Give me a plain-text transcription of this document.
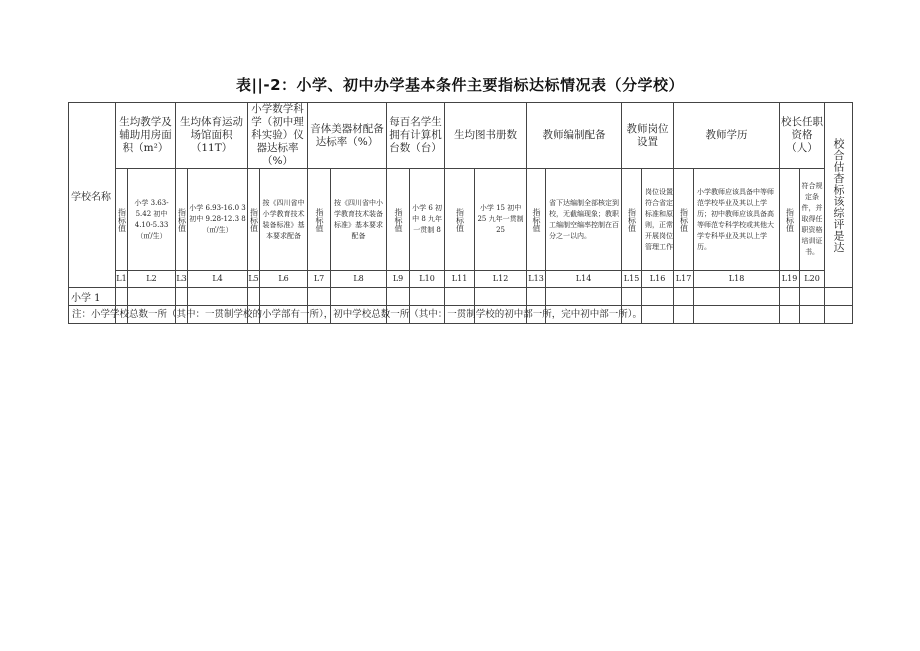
表||-2：小学、初中办学基本条件主要指标达标情况表（分学校）
学校名称	生均教学及辅助用房面积（m²）		生均体育运动场馆面积（11T）		小学数学科学（初中理科实验）仪器达标率（%）		音体美器材配备达标率（%）		每百名学生拥有计算机台数（台）		生均图书册数		教师编制配备		教师岗位设置		教师学历		校长任职资格（人）		校合估杳标该综评是达

	指标值	小学 3.63-5.42 初中 4.10-5.33 （㎡/生）	指标值	小学 6.93-16.0 3 初中 9.28-12.3 8（㎡/生）	指标值	按《四川省中小学教育技术装备标准》基本要求配备	指标值	按《四川省中小学教育技术装备标准》基本要求配备	指标值	小学 6 初中 8 九年一贯制 8	指标值	小学 15 初中 25 九年一贯制 25	指标值	省下达编制全部核定到校，无截编现象；教职工编制空编率控制在百分之一以内。	指标值	岗位设置符合省定标准和原则，正常开展岗位管理工作	指标值	小学教师应该具备中等师范学校毕业及其以上学历；初中教师应该具备高等师范专科学校或其他大学专科毕业及其以上学历。	指标值	符合规定条件，并取得任职资格培训证书。	
	L1	L2	L3	L4	L5	L6	L7	L8	L9	L10	L11	L12	L13	L14	L15	L16	L17	L18	L19	L20	
小学 1																					

注：小学学校总数一所（其中：一贯制学校的小学部有一所），初中学校总数一所（其中：一贯制学校的初中部一所，完中初中部一所）。
